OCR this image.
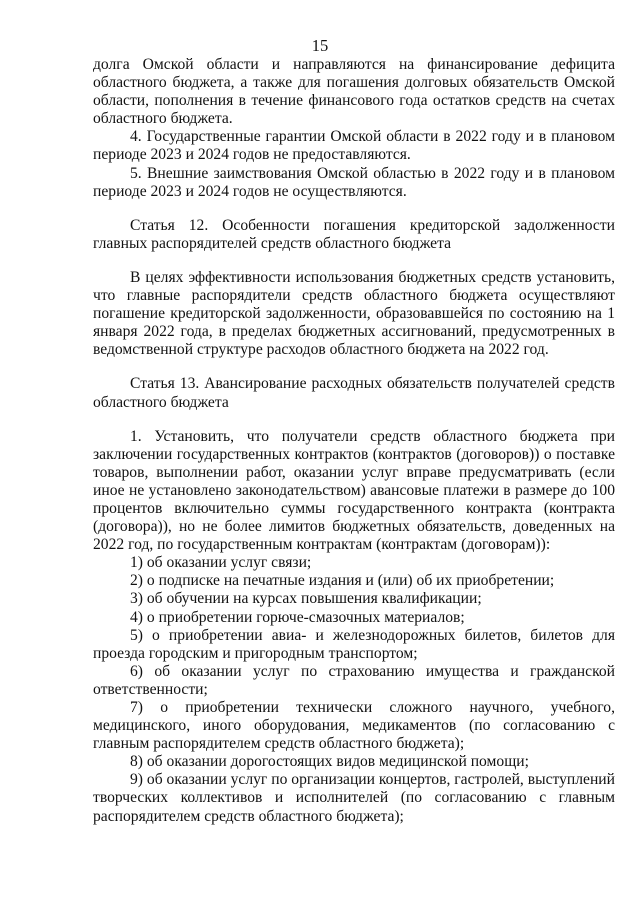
15

долга Омской области и направляются на финансирование дефицита областного бюджета, а также для погашения долговых обязательств Омской области, пополнения в течение финансового года остатков средств на счетах областного бюджета.

4. Государственные гарантии Омской области в 2022 году и в плановом периоде 2023 и 2024 годов не предоставляются.

5. Внешние заимствования Омской областью в 2022 году и в плановом периоде 2023 и 2024 годов не осуществляются.

Статья 12. Особенности погашения кредиторской задолженности главных распорядителей средств областного бюджета

В целях эффективности использования бюджетных средств установить, что главные распорядители средств областного бюджета осуществляют погашение кредиторской задолженности, образовавшейся по состоянию на 1 января 2022 года, в пределах бюджетных ассигнований, предусмотренных в ведомственной структуре расходов областного бюджета на 2022 год.

Статья 13. Авансирование расходных обязательств получателей средств областного бюджета

1. Установить, что получатели средств областного бюджета при заключении государственных контрактов (контрактов (договоров)) о поставке товаров, выполнении работ, оказании услуг вправе предусматривать (если иное не установлено законодательством) авансовые платежи в размере до 100 процентов включительно суммы государственного контракта (контракта (договора)), но не более лимитов бюджетных обязательств, доведенных на 2022 год, по государственным контрактам (контрактам (договорам)):

1) об оказании услуг связи;

2) о подписке на печатные издания и (или) об их приобретении;

3) об обучении на курсах повышения квалификации;

4) о приобретении горюче-смазочных материалов;

5) о приобретении авиа- и железнодорожных билетов, билетов для проезда городским и пригородным транспортом;

6) об оказании услуг по страхованию имущества и гражданской ответственности;

7) о приобретении технически сложного научного, учебного, медицинского, иного оборудования, медикаментов (по согласованию с главным распорядителем средств областного бюджета);

8) об оказании дорогостоящих видов медицинской помощи;

9) об оказании услуг по организации концертов, гастролей, выступлений творческих коллективов и исполнителей (по согласованию с главным распорядителем средств областного бюджета);
